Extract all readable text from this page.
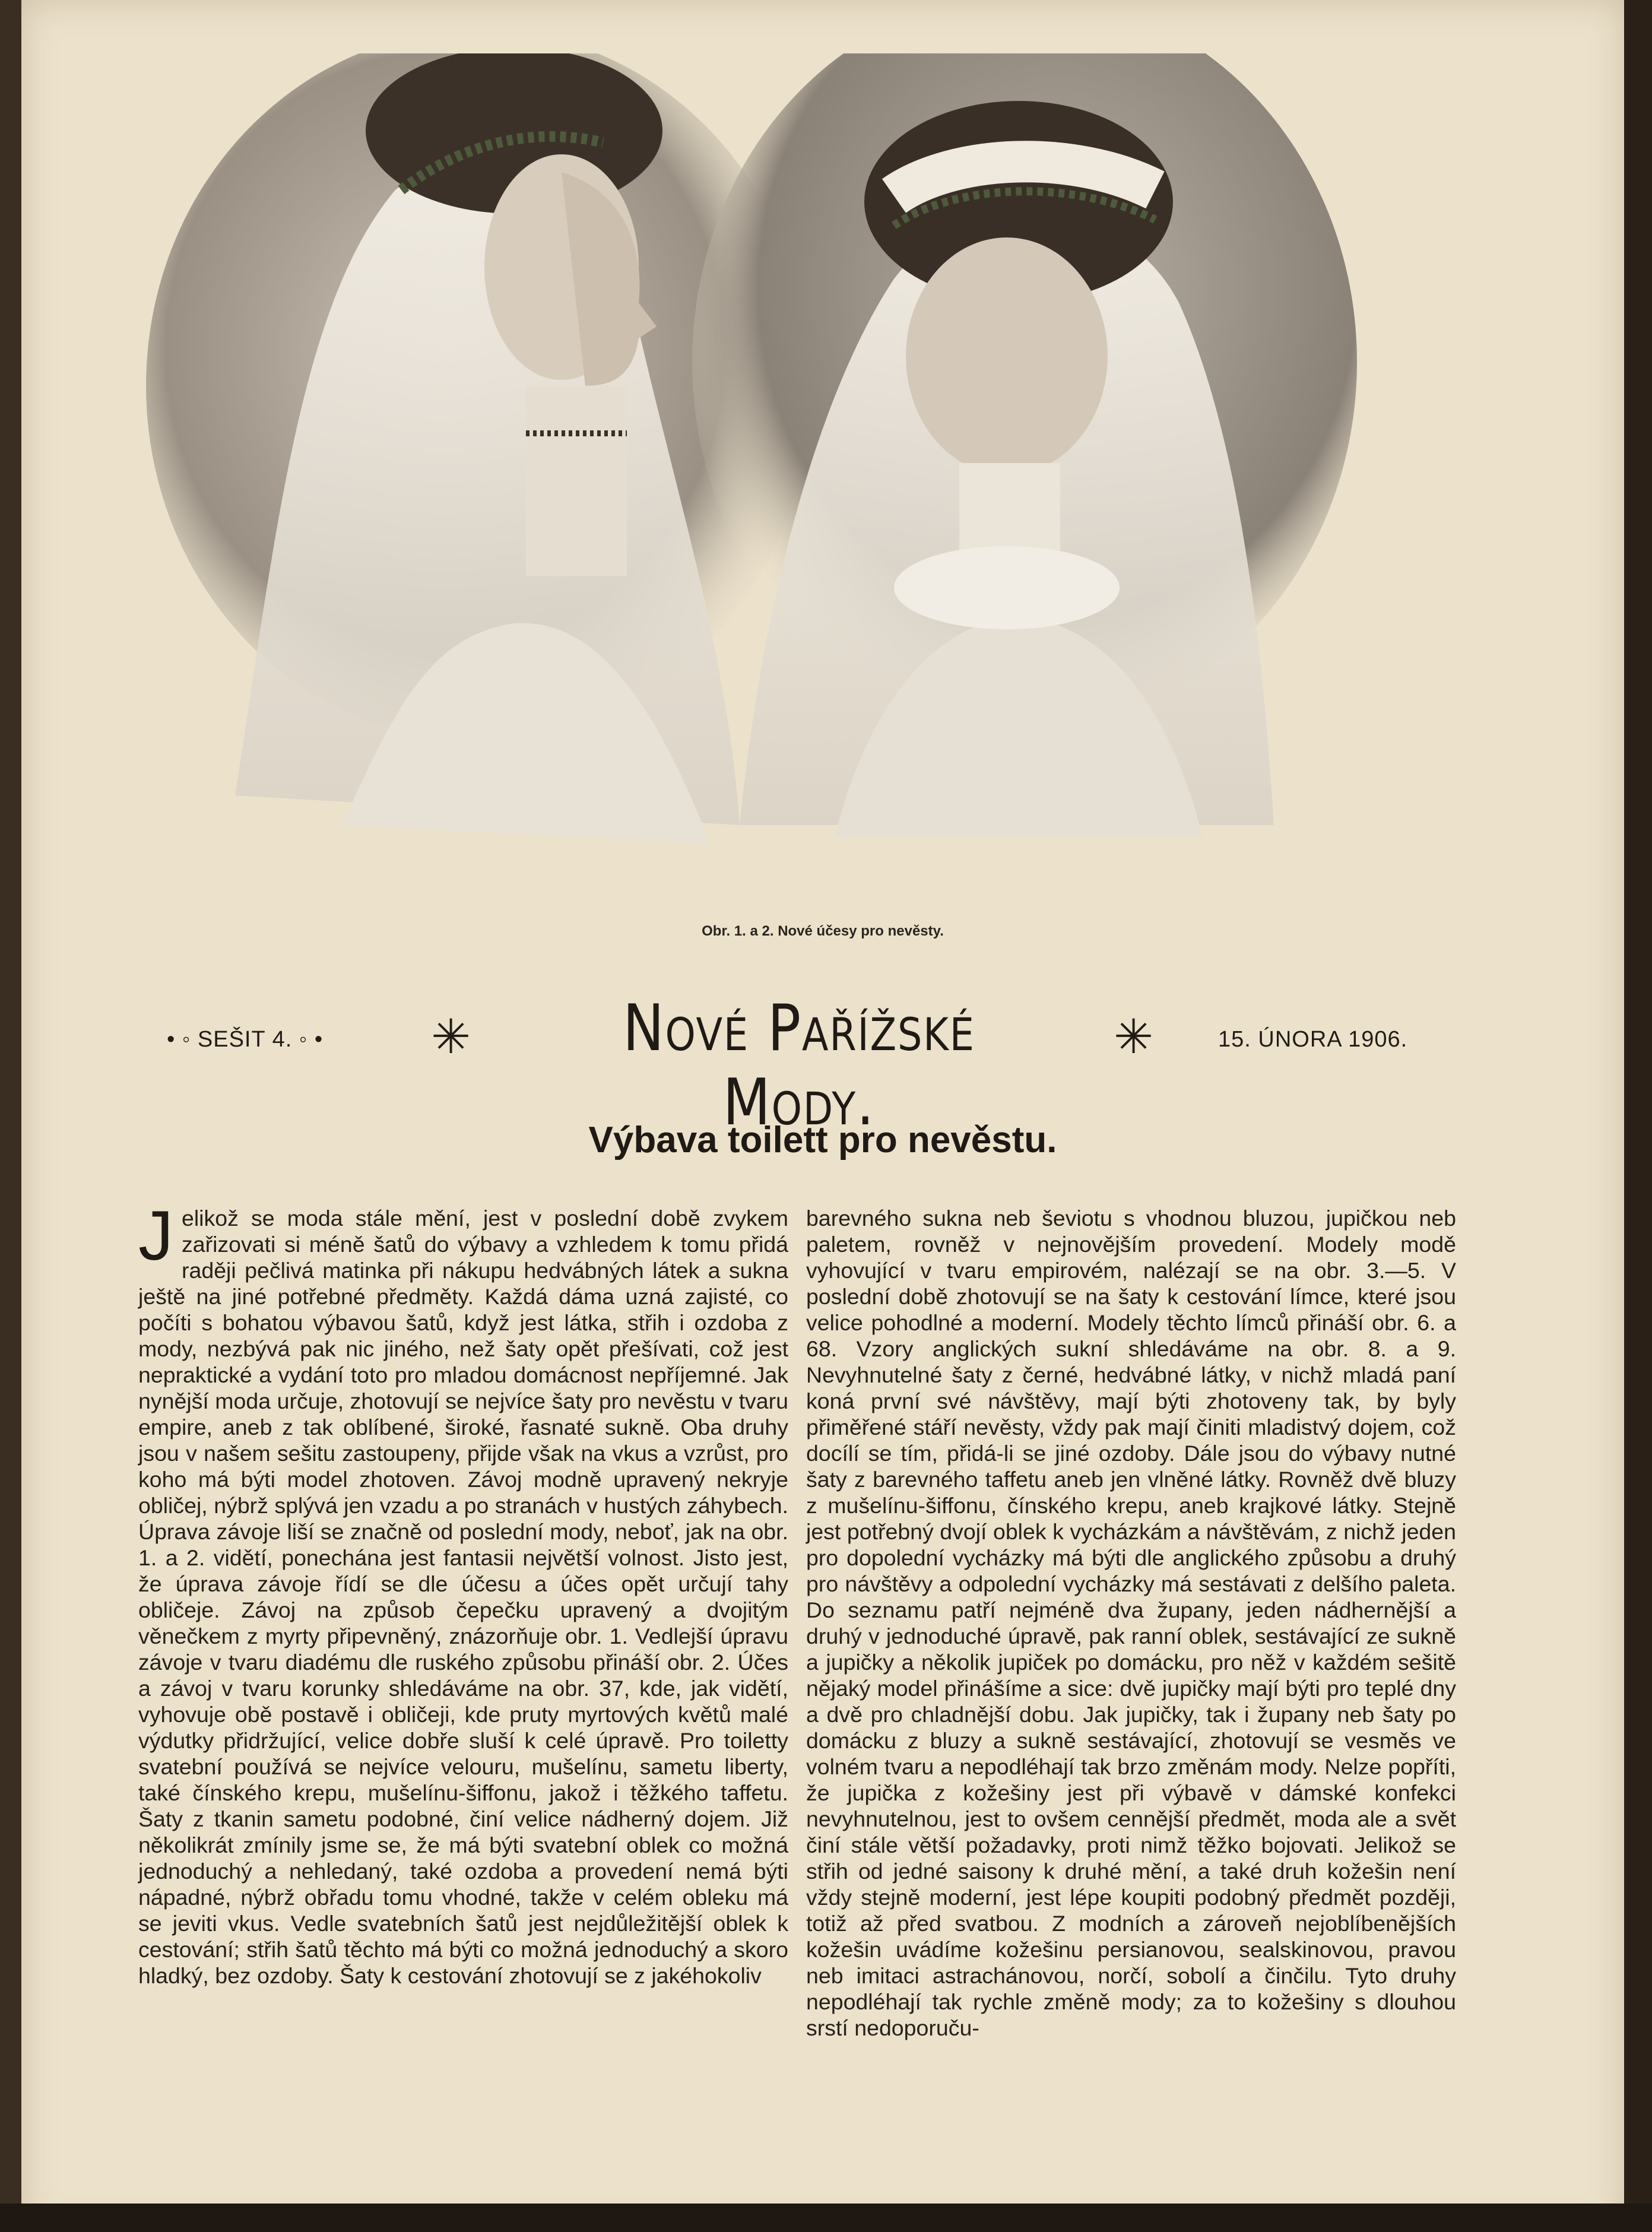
Obr. 1. a 2. Nové účesy pro nevěsty.
• ◦ SEŠIT 4. ◦ • ✳	Nové Pařížské Mody.
✳	15. ÚNORA 1906.
Výbava toilett pro nevěstu.
Jelikož se moda stále mění, jest v poslední době zvykem zařizovati si méně šatů do výbavy a vzhledem k tomu přidá raději pečlivá matinka při nákupu hedvábných látek a sukna ještě na jiné potřebné předměty. Každá dáma uzná zajisté, co počíti s bohatou výbavou šatů, když jest látka, střih i ozdoba z mody, nezbývá pak nic jiného, než šaty opět přešívati, což jest nepraktické a vydání toto pro mladou domácnost nepříjemné. Jak nynější moda určuje, zhotovují se nejvíce šaty pro nevěstu v tvaru empire, aneb z tak oblíbené, široké, řasnaté sukně. Oba druhy jsou v našem sešitu zastoupeny, přijde však na vkus a vzrůst, pro koho má býti model zhotoven. Závoj modně upravený nekryje obličej, nýbrž splývá jen vzadu a po stranách v hustých záhybech. Úprava závoje liší se značně od poslední mody, neboť, jak na obr. 1. a 2. vidětí, ponechána jest fantasii největší volnost. Jisto jest, že úprava závoje řídí se dle účesu a účes opět určují tahy obličeje. Závoj na způsob čepečku upravený a dvojitým věnečkem z myrty připevněný, znázorňuje obr. 1. Vedlejší úpravu závoje v tvaru diadému dle ruského způsobu přináší obr. 2. Účes a závoj v tvaru korunky shledáváme na obr. 37, kde, jak vidětí, vyhovuje obě postavě i obličeji, kde pruty myrtových květů malé výdutky přidržující, velice dobře sluší k celé úpravě. Pro toiletty svatební používá se nejvíce velouru, mušelínu, sametu liberty, také čínského krepu, mušelínu-šiffonu, jakož i těžkého taffetu. Šaty z tkanin sametu podobné, činí velice nádherný dojem. Již několikrát zmínily jsme se, že má býti svatební oblek co možná jednoduchý a nehledaný, také ozdoba a provedení nemá býti nápadné, nýbrž obřadu tomu vhodné, takže v celém obleku má se jeviti vkus. Vedle svatebních šatů jest nejdůležitější oblek k cestování; střih šatů těchto má býti co možná jednoduchý a skoro hladký, bez ozdoby. Šaty k cestování zhotovují se z jakéhokoliv
barevného sukna neb ševiotu s vhodnou bluzou, jupičkou neb paletem, rovněž v nejnovějším provedení. Modely modě vyhovující v tvaru empirovém, nalézají se na obr. 3.—5. V poslední době zhotovují se na šaty k cestování límce, které jsou velice pohodlné a moderní. Modely těchto límců přináší obr. 6. a 68. Vzory anglických sukní shledáváme na obr. 8. a 9. Nevyhnutelné šaty z černé, hedvábné látky, v nichž mladá paní koná první své návštěvy, mají býti zhotoveny tak, by byly přiměřené stáří nevěsty, vždy pak mají činiti mladistvý dojem, což docílí se tím, přidá-li se jiné ozdoby. Dále jsou do výbavy nutné šaty z barevného taffetu aneb jen vlněné látky. Rovněž dvě bluzy z mušelínu-šiffonu, čínského krepu, aneb krajkové látky. Stejně jest potřebný dvojí oblek k vycházkám a návštěvám, z nichž jeden pro dopolední vycházky má býti dle anglického způsobu a druhý pro návštěvy a odpolední vycházky má sestávati z delšího paleta. Do seznamu patří nejméně dva župany, jeden nádhernější a druhý v jednoduché úpravě, pak ranní oblek, sestávající ze sukně a jupičky a několik jupiček po domácku, pro něž v každém sešitě nějaký model přinášíme a sice: dvě jupičky mají býti pro teplé dny a dvě pro chladnější dobu. Jak jupičky, tak i župany neb šaty po domácku z bluzy a sukně sestávající, zhotovují se vesměs ve volném tvaru a nepodléhají tak brzo změnám mody. Nelze popříti, že jupička z kožešiny jest při výbavě v dámské konfekci nevyhnutelnou, jest to ovšem cennější předmět, moda ale a svět činí stále větší požadavky, proti nimž těžko bojovati. Jelikož se střih od jedné saisony k druhé mění, a také druh kožešin není vždy stejně moderní, jest lépe koupiti podobný předmět později, totiž až před svatbou. Z modních a zároveň nejoblíbenějších kožešin uvádíme kožešinu persianovou, sealskinovou, pravou neb imitaci astrachánovou, norčí, sobolí a činčilu. Tyto druhy nepodléhají tak rychle změně mody; za to kožešiny s dlouhou srstí nedoporuču-
